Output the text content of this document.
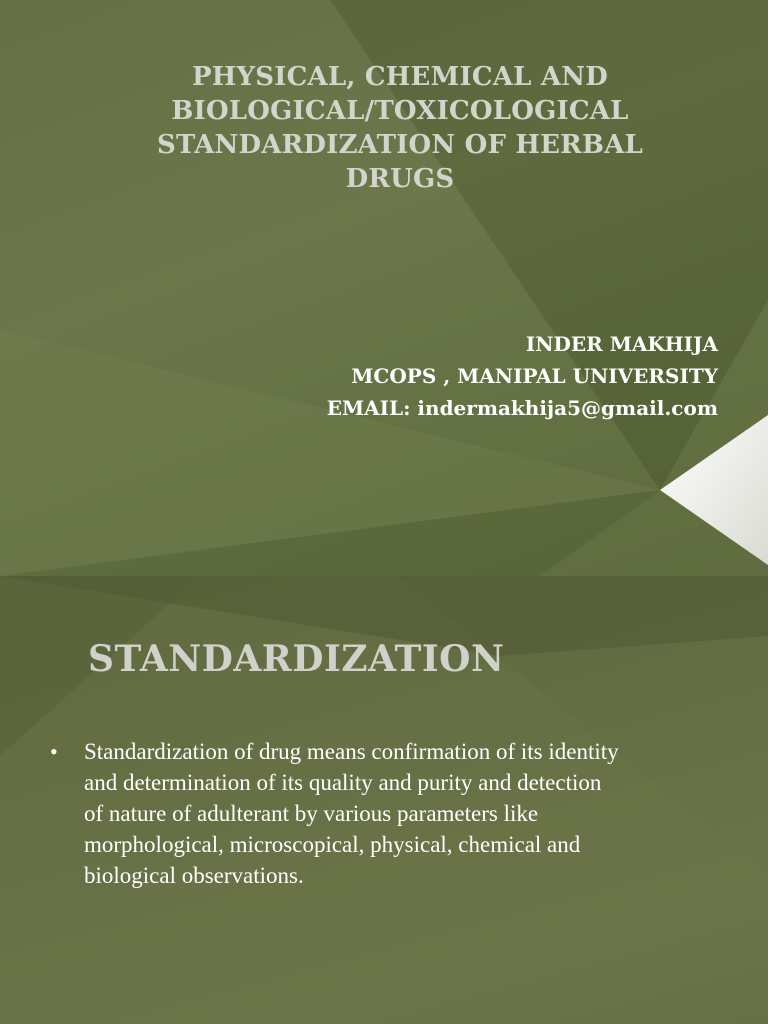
PHYSICAL, CHEMICAL AND
BIOLOGICAL/TOXICOLOGICAL
STANDARDIZATION OF HERBAL
DRUGS
INDER MAKHIJA
MCOPS , MANIPAL UNIVERSITY
EMAIL: indermakhija5@gmail.com
STANDARDIZATION
•	Standardization of drug means confirmation of its identity
and determination of its quality and purity and detection
of nature of adulterant by various parameters like
morphological, microscopical, physical, chemical and
biological observations.
